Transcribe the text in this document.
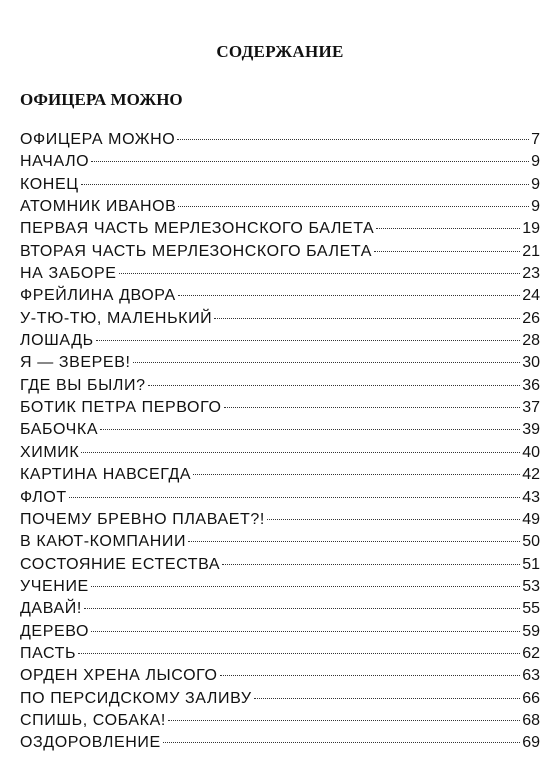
СОДЕРЖАНИЕ
ОФИЦЕРА МОЖНО
ОФИЦЕРА МОЖНО	7
НАЧАЛО	9
КОНЕЦ	9
АТОМНИК ИВАНОВ	9
ПЕРВАЯ ЧАСТЬ МЕРЛЕЗОНСКОГО БАЛЕТА	19
ВТОРАЯ ЧАСТЬ МЕРЛЕЗОНСКОГО БАЛЕТА	21
НА ЗАБОРЕ	23
ФРЕЙЛИНА ДВОРА	24
У-ТЮ-ТЮ, МАЛЕНЬКИЙ	26
ЛОШАДЬ	28
Я — ЗВЕРЕВ!	30
ГДЕ ВЫ БЫЛИ?	36
БОТИК ПЕТРА ПЕРВОГО	37
БАБОЧКА	39
ХИМИК	40
КАРТИНА НАВСЕГДА	42
ФЛОТ	43
ПОЧЕМУ БРЕВНО ПЛАВАЕТ?!	49
В КАЮТ-КОМПАНИИ	50
СОСТОЯНИЕ ЕСТЕСТВА	51
УЧЕНИЕ	53
ДАВАЙ!	55
ДЕРЕВО	59
ПАСТЬ	62
ОРДЕН ХРЕНА ЛЫСОГО	63
ПО ПЕРСИДСКОМУ ЗАЛИВУ	66
СПИШЬ, СОБАКА!	68
ОЗДОРОВЛЕНИЕ	69
